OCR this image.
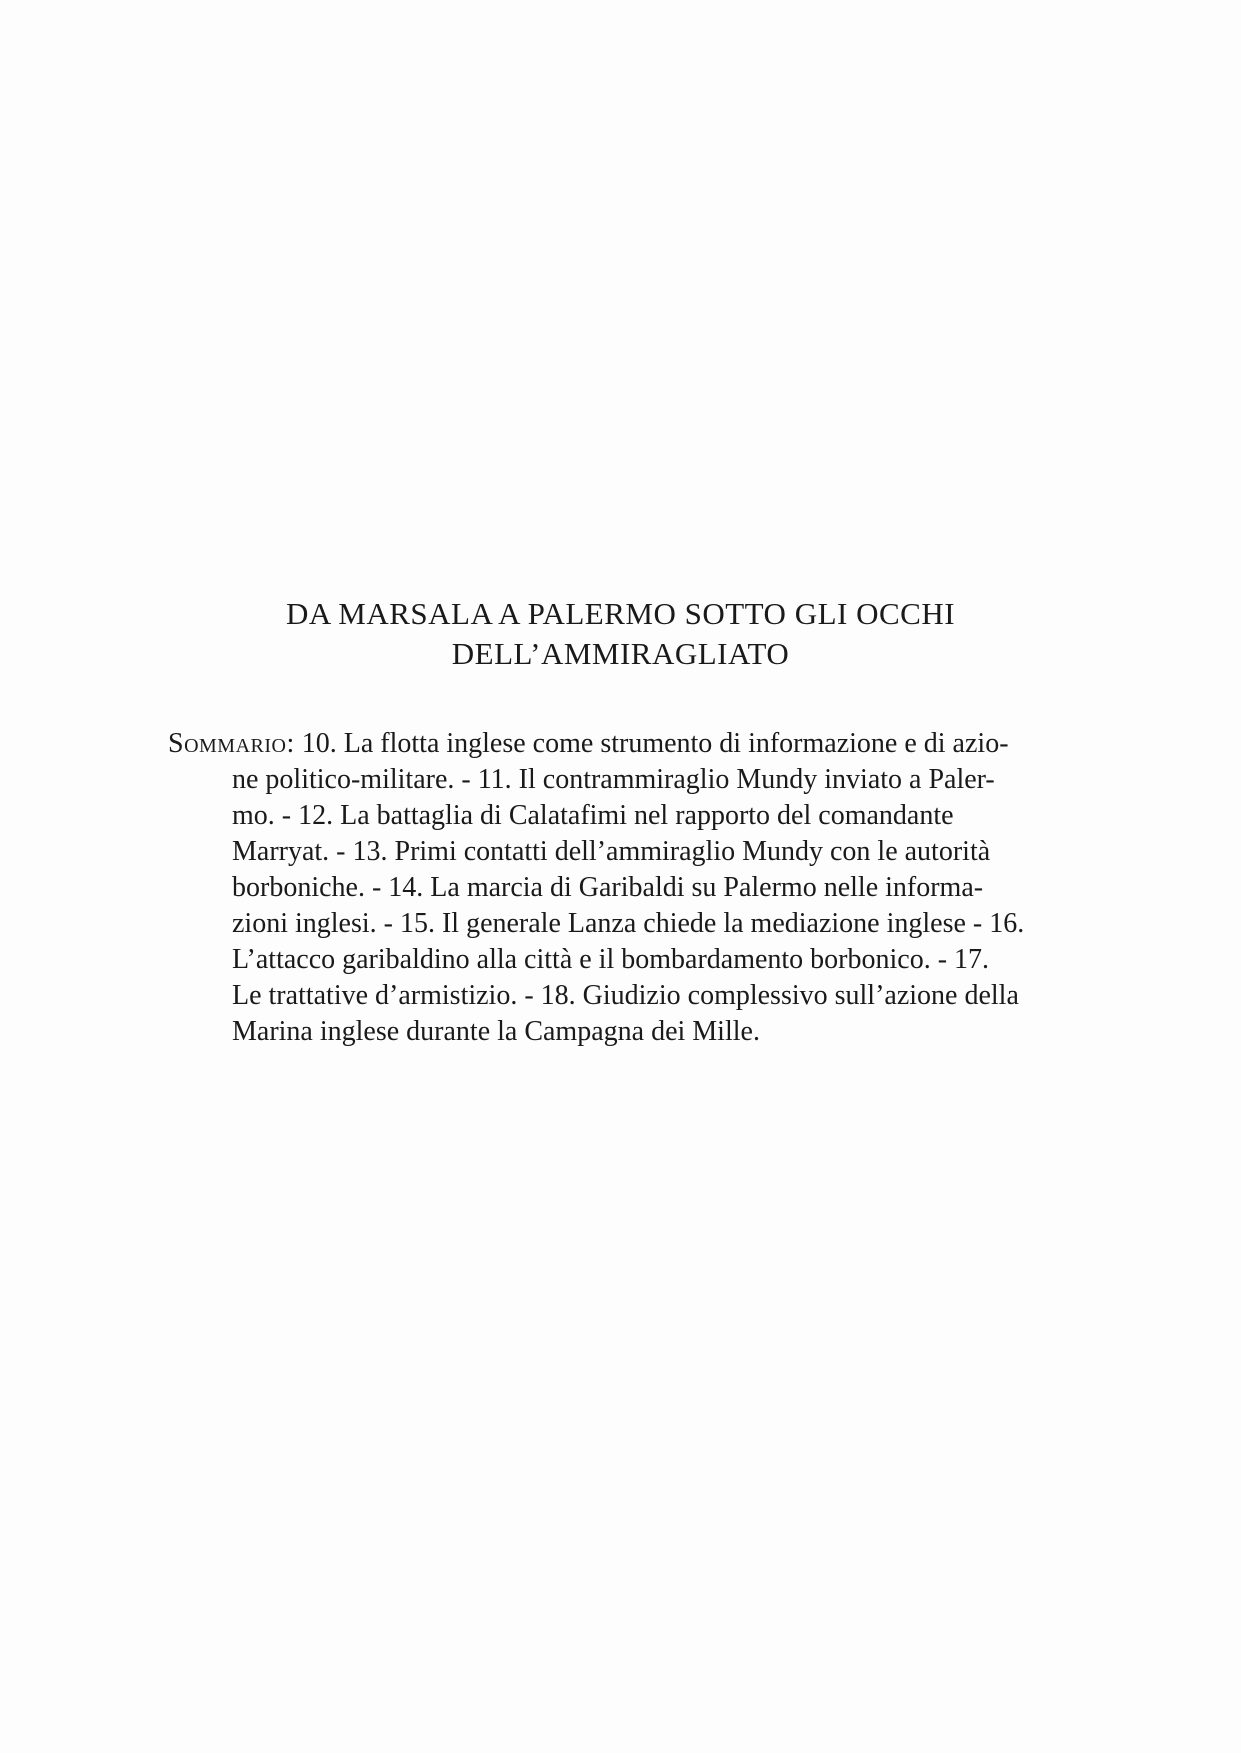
DA MARSALA A PALERMO SOTTO GLI OCCHI
DELL’AMMIRAGLIATO
Sommario: 10. La flotta inglese come strumento di informazione e di azio-
ne politico-militare. - 11. Il contrammiraglio Mundy inviato a Paler-
mo. - 12. La battaglia di Calatafimi nel rapporto del comandante
Marryat. - 13. Primi contatti dell’ammiraglio Mundy con le autorità
borboniche. - 14. La marcia di Garibaldi su Palermo nelle informa-
zioni inglesi. - 15. Il generale Lanza chiede la mediazione inglese - 16.
L’attacco garibaldino alla città e il bombardamento borbonico. - 17.
Le trattative d’armistizio. - 18. Giudizio complessivo sull’azione della
Marina inglese durante la Campagna dei Mille.
